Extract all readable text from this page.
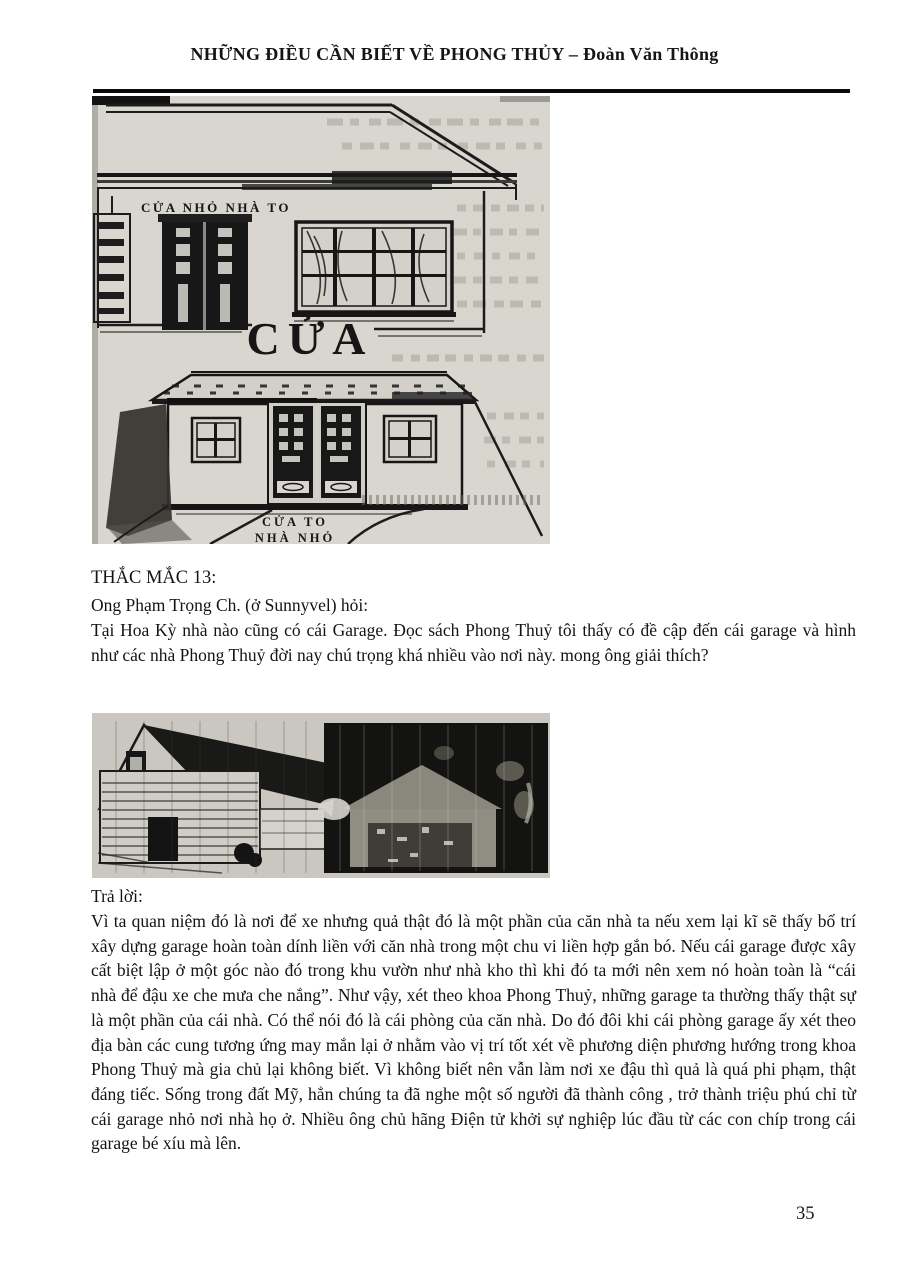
NHỮNG ĐIỀU CẦN BIẾT VỀ PHONG THỦY – Đoàn Văn Thông
CỬA
CỬA NHỎ NHÀ TO
CỬA TO
NHÀ NHỎ
THẮC MẮC 13:
Ong Phạm Trọng Ch. (ở Sunnyvel) hỏi:
Tại Hoa Kỳ nhà nào cũng có cái Garage. Đọc sách Phong Thuỷ tôi thấy có đề cập đến cái garage và hình như các nhà Phong Thuỷ đời nay chú trọng khá nhiều vào nơi này. mong ông giải thích?
Trả lời:
Vì ta quan niệm đó là nơi để xe nhưng quả thật đó là một phần của căn nhà ta nếu xem lại kĩ sẽ thấy bố trí xây dựng garage hoàn toàn dính liền với căn nhà trong một chu vi liền hợp gắn bó. Nếu cái garage được xây cất biệt lập ở một góc nào đó trong khu vườn như nhà kho thì khi đó ta mới nên xem nó hoàn toàn là “cái nhà để đậu xe che mưa che nắng”. Như vậy, xét theo khoa Phong Thuỷ, những garage ta thường thấy thật sự là một phần của cái nhà. Có thể nói đó là cái phòng của căn nhà. Do đó đôi khi cái phòng garage ấy xét theo địa bàn các cung tương ứng may mắn lại ở nhằm vào vị trí tốt xét về phương diện phương hướng trong khoa Phong Thuỷ mà gia chủ lại không biết. Vì không biết nên vẫn làm nơi xe đậu thì quả là quá phi phạm, thật đáng tiếc. Sống trong đất Mỹ, hẳn chúng ta đã nghe một số người đã thành công , trở thành triệu phú chỉ từ cái garage nhỏ nơi nhà họ ở. Nhiều ông chủ hãng Điện tử khởi sự nghiệp lúc đầu từ các con chíp trong cái garage bé xíu mà lên.
35
